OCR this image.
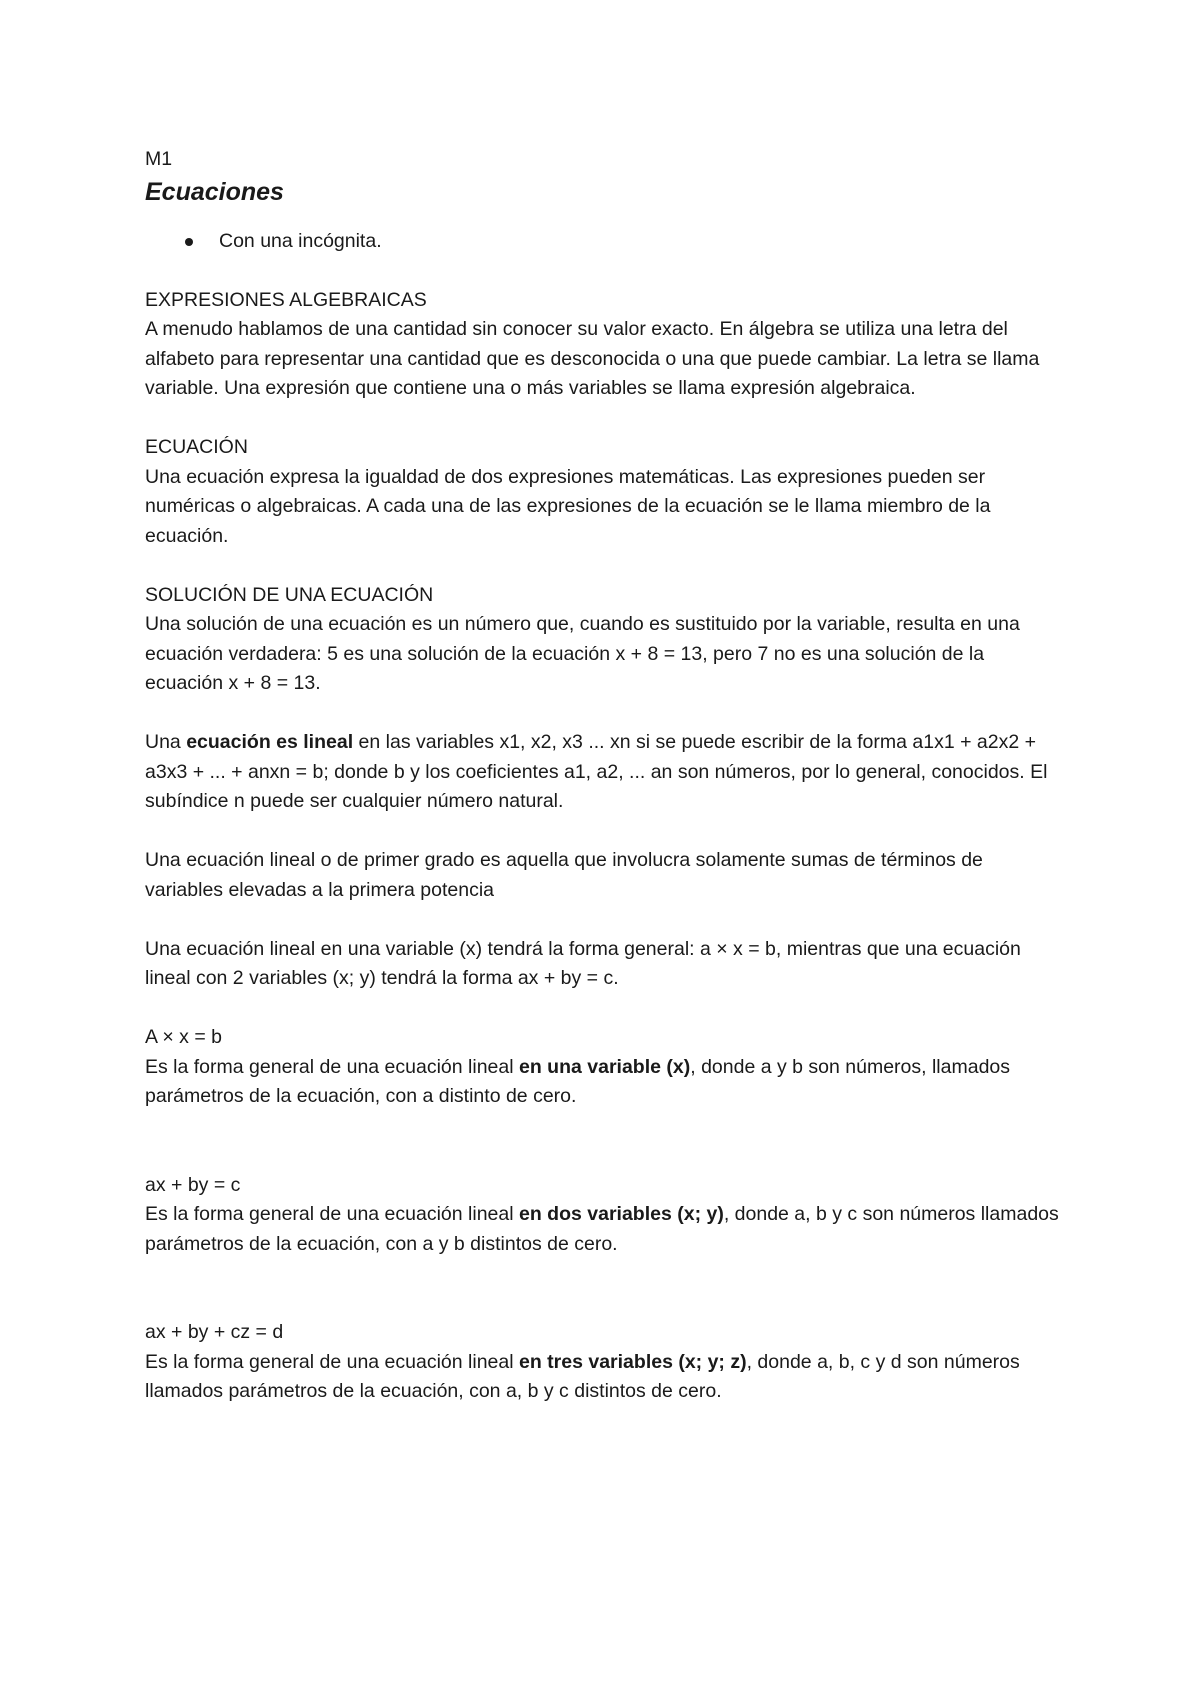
M1

Ecuaciones
Con una incógnita.

EXPRESIONES ALGEBRAICAS

A menudo hablamos de una cantidad sin conocer su valor exacto. En álgebra se utiliza una letra del alfabeto para representar una cantidad que es desconocida o una que puede cambiar. La letra se llama variable. Una expresión que contiene una o más variables se llama expresión algebraica.

ECUACIÓN

Una ecuación expresa la igualdad de dos expresiones matemáticas. Las expresiones pueden ser numéricas o algebraicas. A cada una de las expresiones de la ecuación se le llama miembro de la ecuación.

SOLUCIÓN DE UNA ECUACIÓN

Una solución de una ecuación es un número que, cuando es sustituido por la variable, resulta en una ecuación verdadera: 5 es una solución de la ecuación x + 8 = 13, pero 7 no es una solución de la ecuación x + 8 = 13.

Una ecuación es lineal en las variables x1, x2, x3 ... xn si se puede escribir de la forma a1x1 + a2x2 + a3x3 + ... + anxn = b; donde b y los coeficientes a1, a2, ... an son números, por lo general, conocidos. El subíndice n puede ser cualquier número natural.

Una ecuación lineal o de primer grado es aquella que involucra solamente sumas de términos de variables elevadas a la primera potencia

Una ecuación lineal en una variable (x) tendrá la forma general: a × x = b, mientras que una ecuación lineal con 2 variables (x; y) tendrá la forma ax + by = c.

A × x = b

Es la forma general de una ecuación lineal en una variable (x), donde a y b son números, llamados parámetros de la ecuación, con a distinto de cero.

ax + by = c

Es la forma general de una ecuación lineal en dos variables (x; y), donde a, b y c son números llamados parámetros de la ecuación, con a y b distintos de cero.

ax + by + cz = d

Es la forma general de una ecuación lineal en tres variables (x; y; z), donde a, b, c y d son números llamados parámetros de la ecuación, con a, b y c distintos de cero.
